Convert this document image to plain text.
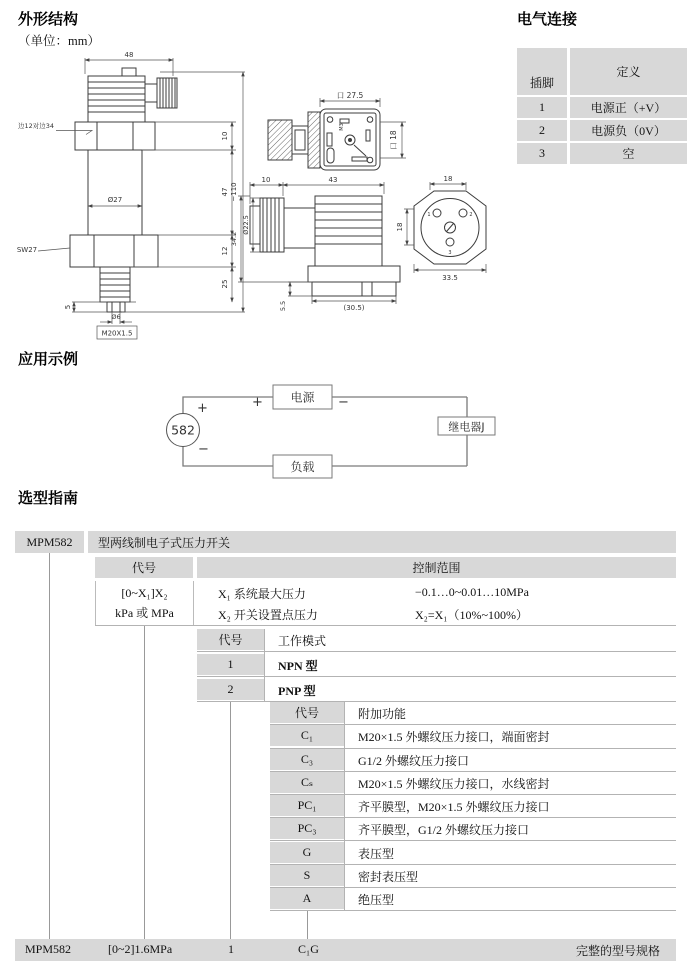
外形结构
（单位：mm）
电气连接
应用示例
选型指南
插脚
定义
1	电源正（+V）
2	电源负（0V）
3	空
48
~110
边12对边34
10
Ø27
47
SW27	12
25
5
Ø6
M20X1.5
口 27.5
口 18
M3
10	43
Ø22.5
34.2
5.5	(30.5)
18
18
33.5
1	2
3
582
+
−
+	−
电源
继电器J
负载
MPM582	型两线制电子式压力开关
代号	控制范围
[0~X₁]X₂
kPa 或 MPa
X₁ 系统最大压力	−0.1…0~0.01…10MPa
X₂ 开关设置点压力	X₂=X₁（10%~100%）
代号	工作模式
1	NPN 型
2	PNP 型
代号	附加功能
C₁	M20×1.5 外螺纹压力接口，端面密封
C₃	G1/2 外螺纹压力接口
Cₛ	M20×1.5 外螺纹压力接口，水线密封
PC₁	齐平膜型，M20×1.5 外螺纹压力接口
PC₃	齐平膜型，G1/2 外螺纹压力接口
G	表压型
S	密封表压型
A	绝压型
MPM582	[0~2]1.6MPa	1	C₁G	完整的型号规格
